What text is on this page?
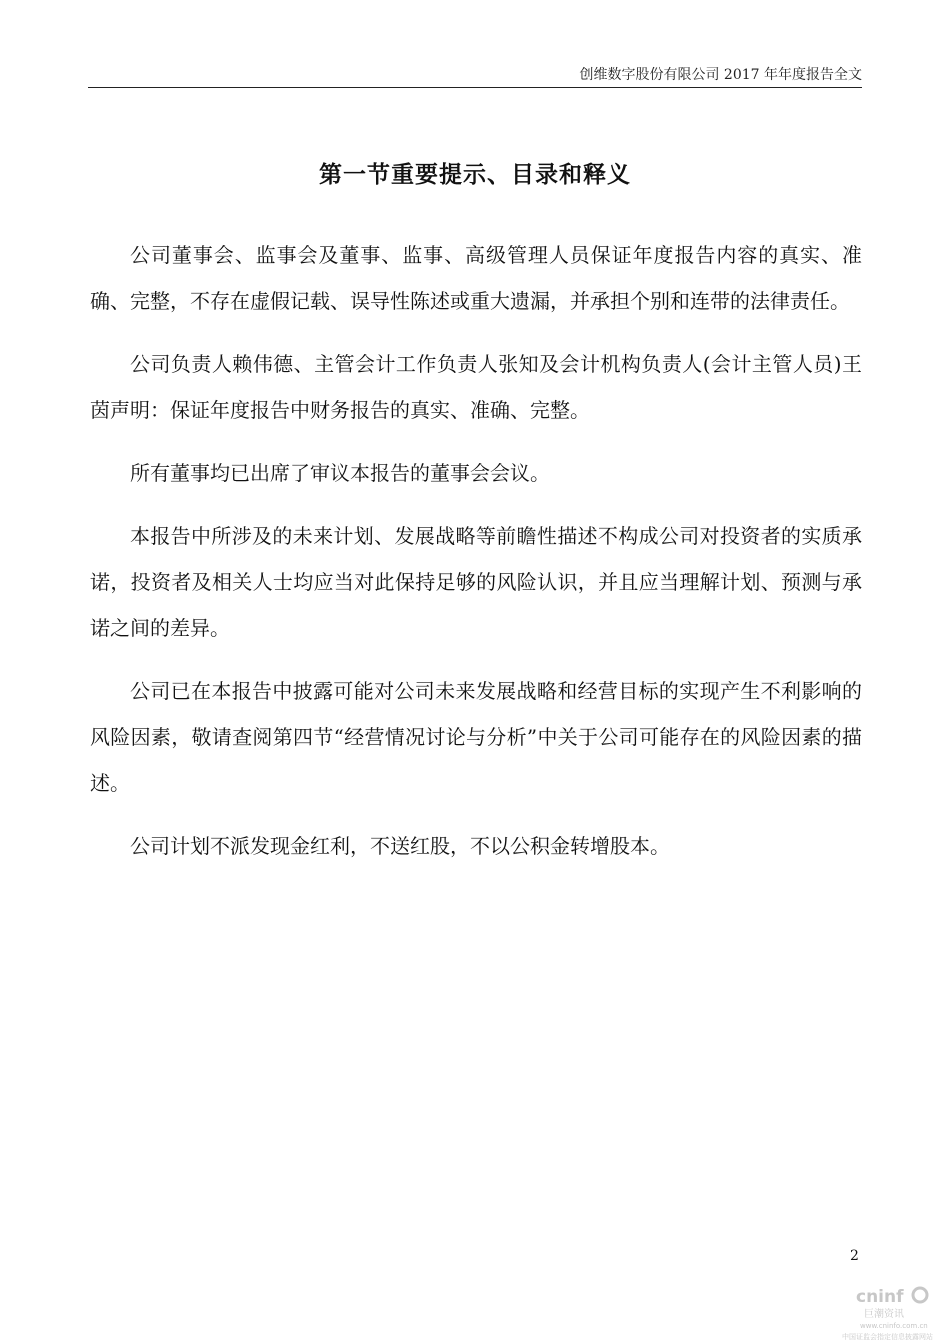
创维数字股份有限公司 2017 年年度报告全文
第一节重要提示、目录和释义

公司董事会、监事会及董事、监事、高级管理人员保证年度报告内容的真实、准确、完整，不存在虚假记载、误导性陈述或重大遗漏，并承担个别和连带的法律责任。

公司负责人赖伟德、主管会计工作负责人张知及会计机构负责人(会计主管人员)王茵声明：保证年度报告中财务报告的真实、准确、完整。

所有董事均已出席了审议本报告的董事会会议。

本报告中所涉及的未来计划、发展战略等前瞻性描述不构成公司对投资者的实质承诺，投资者及相关人士均应当对此保持足够的风险认识，并且应当理解计划、预测与承诺之间的差异。

公司已在本报告中披露可能对公司未来发展战略和经营目标的实现产生不利影响的风险因素，敬请查阅第四节“经营情况讨论与分析”中关于公司可能存在的风险因素的描述。

公司计划不派发现金红利，不送红股，不以公积金转增股本。

2
cninf
巨潮资讯
www.cninfo.com.cn
中国证监会指定信息披露网站
